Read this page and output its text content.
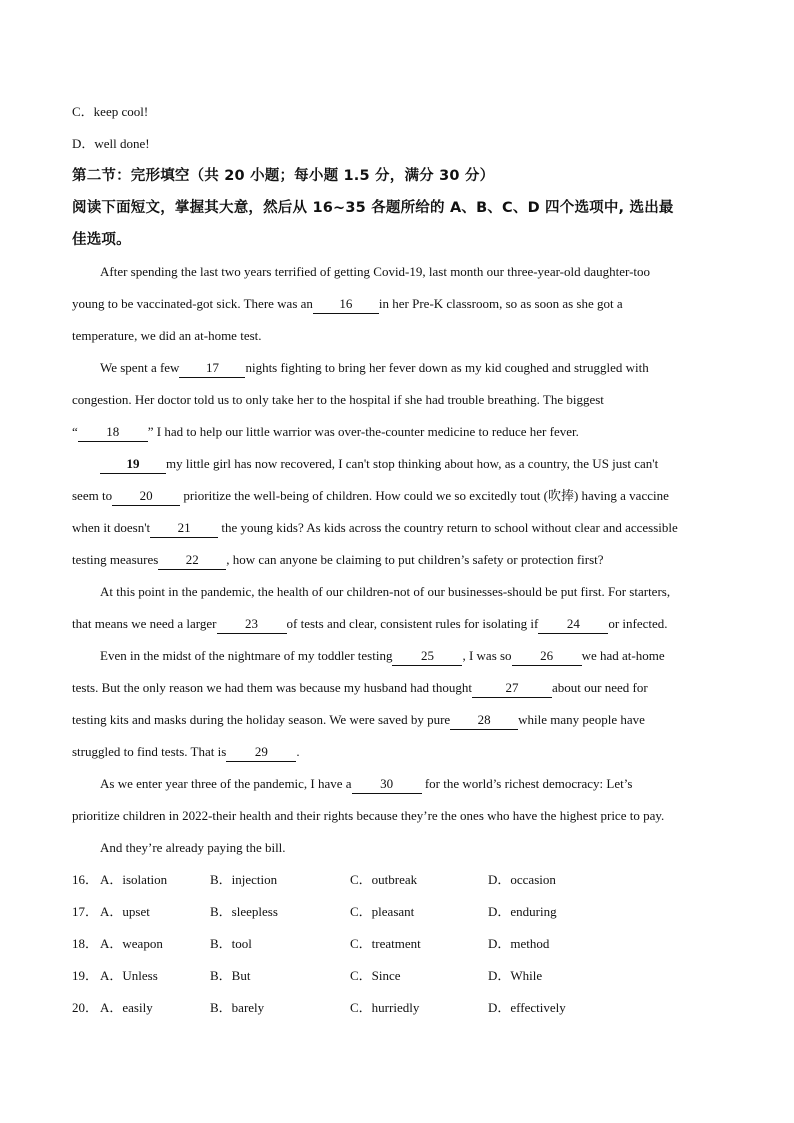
C．keep cool!
D．well done!
第二节：完形填空（共 20 小题；每小题 1.5 分，满分 30 分）
阅读下面短文，掌握其大意，然后从 16~35 各题所给的 A、B、C、D 四个选项中, 选出最
佳选项。
After spending the last two years terrified of getting Covid-19, last month our three-year-old daughter-too
young to be vaccinated-got sick. There was an 16 in her Pre-K classroom, so as soon as she got a
temperature, we did an at-home test.
We spent a few 17 nights fighting to bring her fever down as my kid coughed and struggled with
congestion. Her doctor told us to only take her to the hospital if she had trouble breathing. The biggest
“ 18 ” I had to help our little warrior was over-the-counter medicine to reduce her fever.
19 my little girl has now recovered, I can't stop thinking about how, as a country, the US just can't
seem to 20 prioritize the well-being of children. How could we so excitedly tout (吹捧) having a vaccine
when it doesn't 21 the young kids? As kids across the country return to school without clear and accessible
testing measures 22 , how can anyone be claiming to put children’s safety or protection first?
At this point in the pandemic, the health of our children-not of our businesses-should be put first. For starters,
that means we need a larger 23 of tests and clear, consistent rules for isolating if 24 or infected.
Even in the midst of the nightmare of my toddler testing 25 , I was so 26 we had at-home
tests. But the only reason we had them was because my husband had thought	27	about our need for
testing kits and masks during the holiday season. We were saved by pure 28 while many people have
struggled to find tests. That is 29 .
As we enter year three of the pandemic, I have a 30 for the world’s richest democracy: Let’s
prioritize children in 2022-their health and their rights because they’re the ones who have the highest price to pay.
And they’re already paying the bill.
16． A．isolation	B．injection	C．outbreak	D．occasion
17． A．upset	B．sleepless	C．pleasant	D．enduring
18． A．weapon	B．tool	C．treatment	D．method
19． A．Unless	B．But	C．Since	D．While
20． A．easily	B．barely	C．hurriedly	D．effectively
